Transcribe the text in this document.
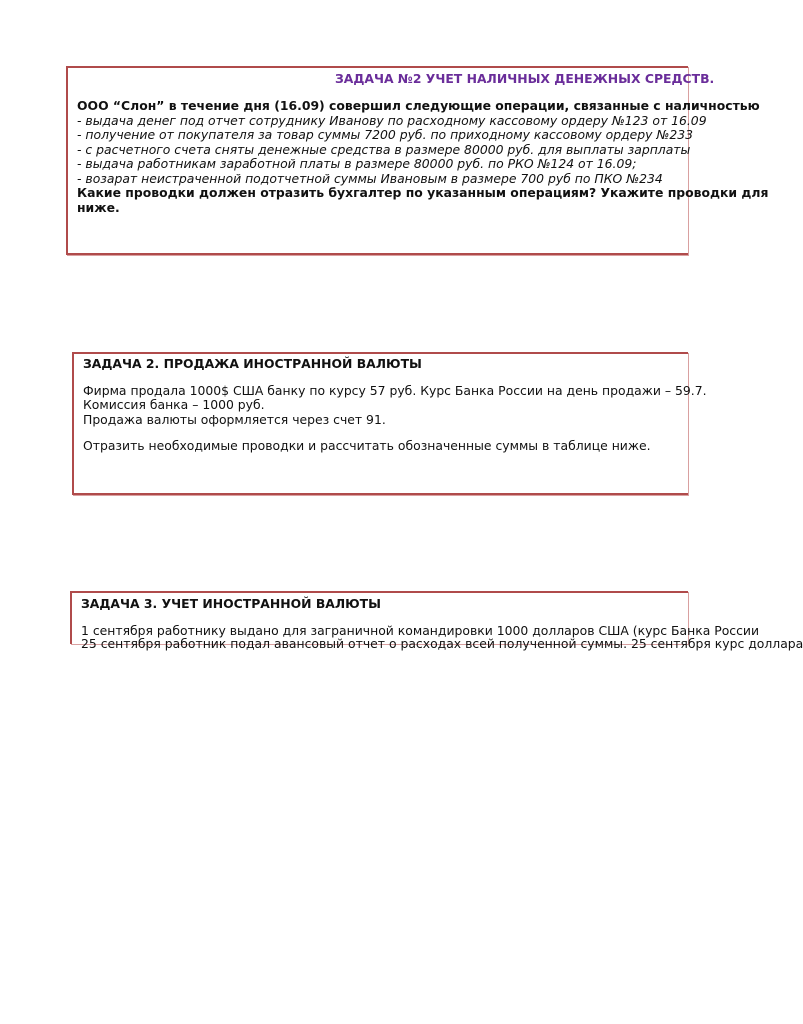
ЗАДАЧА №2 УЧЕТ НАЛИЧНЫХ ДЕНЕЖНЫХ СРЕДСТВ.
ООО “Слон” в течение дня (16.09) совершил следующие операции, связанные с наличностью
- выдача денег под отчет сотруднику Иванову по расходному кассовому ордеру №123 от 16.09
- получение от покупателя за товар суммы 7200 руб. по приходному кассовому ордеру №233
- с расчетного счета сняты денежные средства в размере 80000 руб. для выплаты зарплаты
- выдача работникам заработной платы в размере 80000 руб. по РКО №124 от 16.09;
- возарат неистраченной подотчетной суммы Ивановым в размере 700 руб по ПКО №234
Какие проводки должен отразить бухгалтер по указанным операциям? Укажите проводки для
ниже.
ЗАДАЧА 2. ПРОДАЖА ИНОСТРАННОЙ ВАЛЮТЫ
Фирма продала 1000$ США банку по курсу 57 руб. Курс Банка России на день продажи – 59.7.
Комиссия банка – 1000 руб.
Продажа валюты оформляется через счет 91.
Отразить необходимые проводки и рассчитать обозначенные суммы в таблице ниже.
ЗАДАЧА 3. УЧЕТ ИНОСТРАННОЙ ВАЛЮТЫ
1 сентября работнику выдано для заграничной командировки 1000 долларов США (курс Банка России
25 сентября работник подал авансовый отчет о расходах всей полученной суммы. 25 сентября курс доллара
